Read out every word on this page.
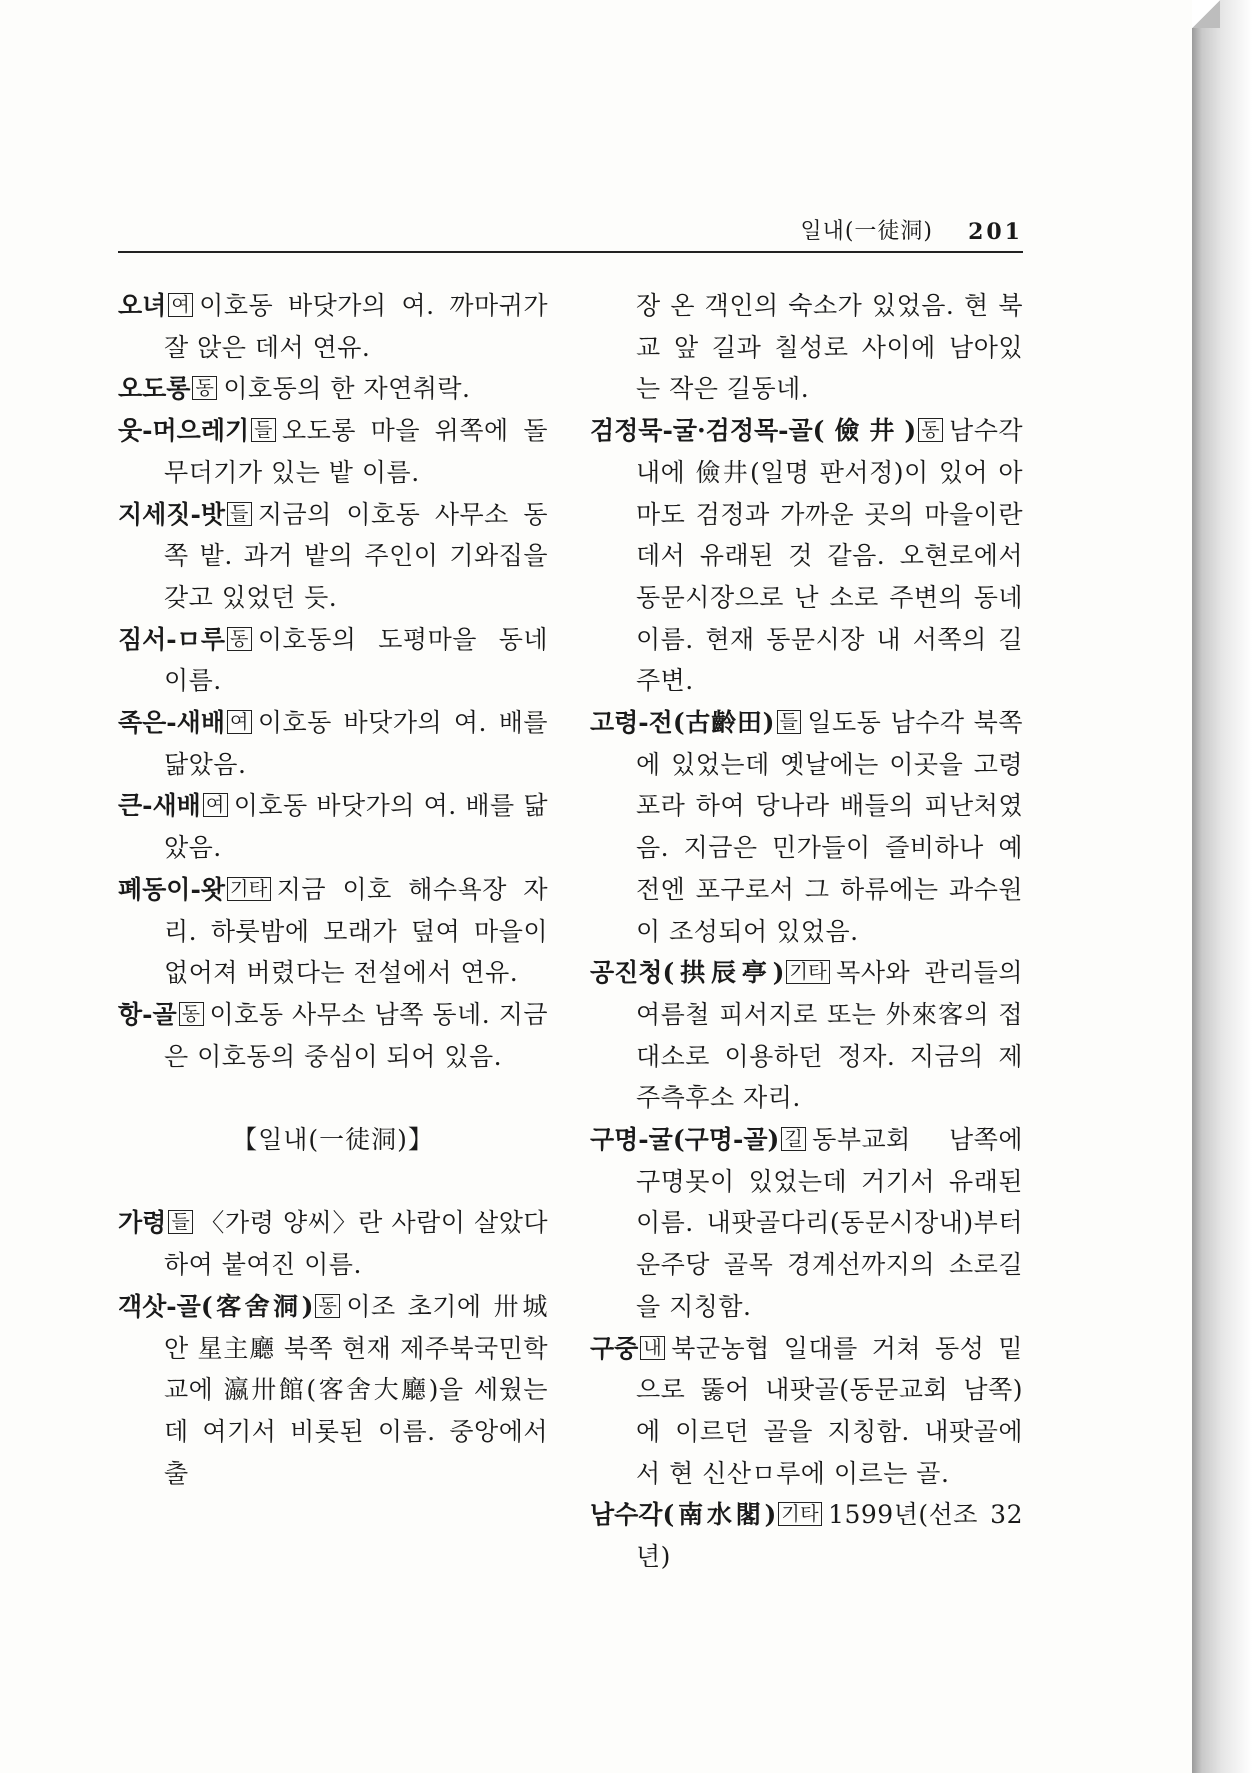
일내(一徒洞) 201
오녀 여 이호동 바닷가의 여. 까마귀가 잘 앉은 데서 연유.
오도롱 동 이호동의 한 자연취락.
웃-머으레기 들 오도롱 마을 위쪽에 돌무더기가 있는 밭 이름.
지세짓-밧 들 지금의 이호동 사무소 동쪽 밭. 과거 밭의 주인이 기와집을 갖고 있었던 듯.
짐서-ㅁ루 동 이호동의 도평마을 동네 이름.
족은-새배 여 이호동 바닷가의 여. 배를 닮았음.
큰-새배 여 이호동 바닷가의 여. 배를 닮았음.
폐동이-왓 기타 지금 이호 해수욕장 자리. 하룻밤에 모래가 덮여 마을이 없어져 버렸다는 전설에서 연유.
항-골 동 이호동 사무소 남쪽 동네. 지금은 이호동의 중심이 되어 있음.
【일내(一徒洞)】
가령 들 〈가령 양씨〉란 사람이 살았다 하여 붙여진 이름.
객삿-골(客舍洞) 동 이조 초기에 卅城안 星主廳 북쪽 현재 제주북국민학교에 瀛卅館(客舍大廳)을 세웠는데 여기서 비롯된 이름. 중앙에서 출
장 온 객인의 숙소가 있었음. 현 북교 앞 길과 칠성로 사이에 남아있는 작은 길동네.
검정묵-굴·검정목-골(儉井) 동 남수각 내에 儉井(일명 판서정)이 있어 아마도 검정과 가까운 곳의 마을이란 데서 유래된 것 같음. 오현로에서 동문시장으로 난 소로 주변의 동네 이름. 현재 동문시장 내 서쪽의 길 주변.
고령-전(古齡田) 들 일도동 남수각 북쪽에 있었는데 옛날에는 이곳을 고령포라 하여 당나라 배들의 피난처였음. 지금은 민가들이 즐비하나 예전엔 포구로서 그 하류에는 과수원이 조성되어 있었음.
공진청(拱辰亭) 기타 목사와 관리들의 여름철 피서지로 또는 外來客의 접대소로 이용하던 정자. 지금의 제주측후소 자리.
구명-굴(구명-골) 길 동부교회 남쪽에 구명못이 있었는데 거기서 유래된 이름. 내팟골다리(동문시장내)부터 운주당 골목 경계선까지의 소로길을 지칭함.
구중 내 북군농협 일대를 거쳐 동성 밑으로 뚫어 내팟골(동문교회 남쪽)에 이르던 골을 지칭함. 내팟골에서 현 신산ㅁ루에 이르는 골.
남수각(南水閣) 기타 1599년(선조 32년)
